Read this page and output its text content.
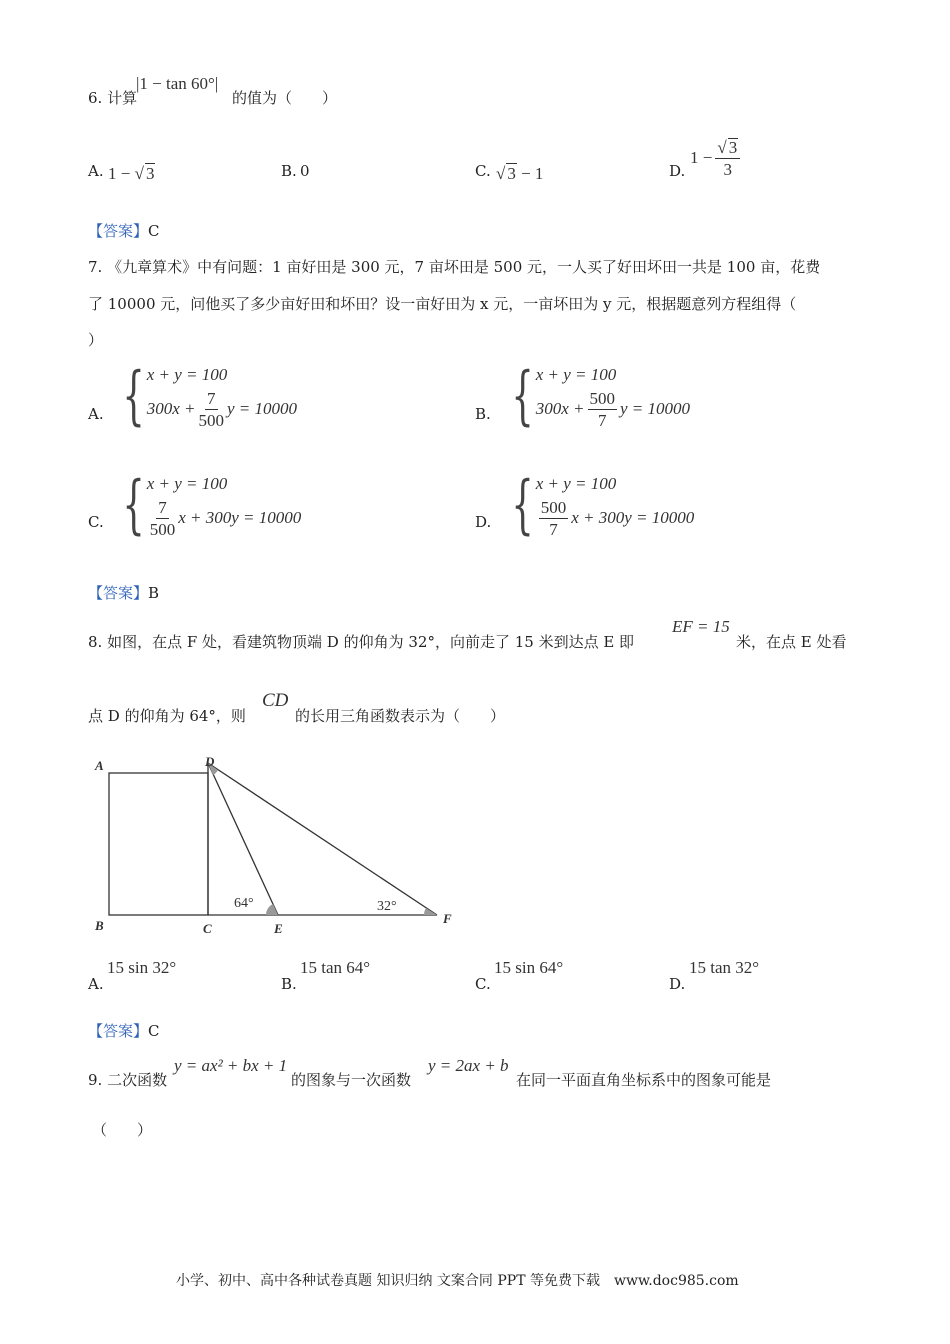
6. 计算
|1 − tan 60°|
的值为（　　）
A. 1 − √ 3	B. 0	C. √ 3 − 1	D.
$1 - \frac{√ 3}{3}$
【答案】C
7. 《九章算术》中有问题：1 亩好田是 300 元，7 亩坏田是 500 元，一人买了好田坏田一共是 100 亩，花费
了 10000 元，问他买了多少亩好田和坏田？设一亩好田为 x 元，一亩坏田为 y 元，根据题意列方程组得（
）
A. { x + y = 100
$300x + \frac{7}{500}$ y = 10000	B. { x + y = 100
$300x + \frac{500}{7}$ y = 10000
C. { x + y = 100
$\frac{7}{500}$ x + 300y = 10000	D. { x + y = 100
$\frac{500}{7}$ x + 300y = 10000
【答案】B
8. 如图，在点 F 处，看建筑物顶端 D 的仰角为 32°，向前走了 15 米到达点 E 即
EF = 15
米，在点 E 处看
点 D 的仰角为 64°，则
CD
的长用三角函数表示为（　　）
A
B	C
D
E
F
64°	32°
A.
15 sin 32°
B.
15 tan 64°
C.
15 sin 64°
D.
15 tan 32°
【答案】C
9. 二次函数
y = ax² + bx + 1
的图象与一次函数
y = 2ax + b
在同一平面直角坐标系中的图象可能是
（　　）
小学、初中、高中各种试卷真题 知识归纳 文案合同 PPT 等免费下载　www.doc985.com
